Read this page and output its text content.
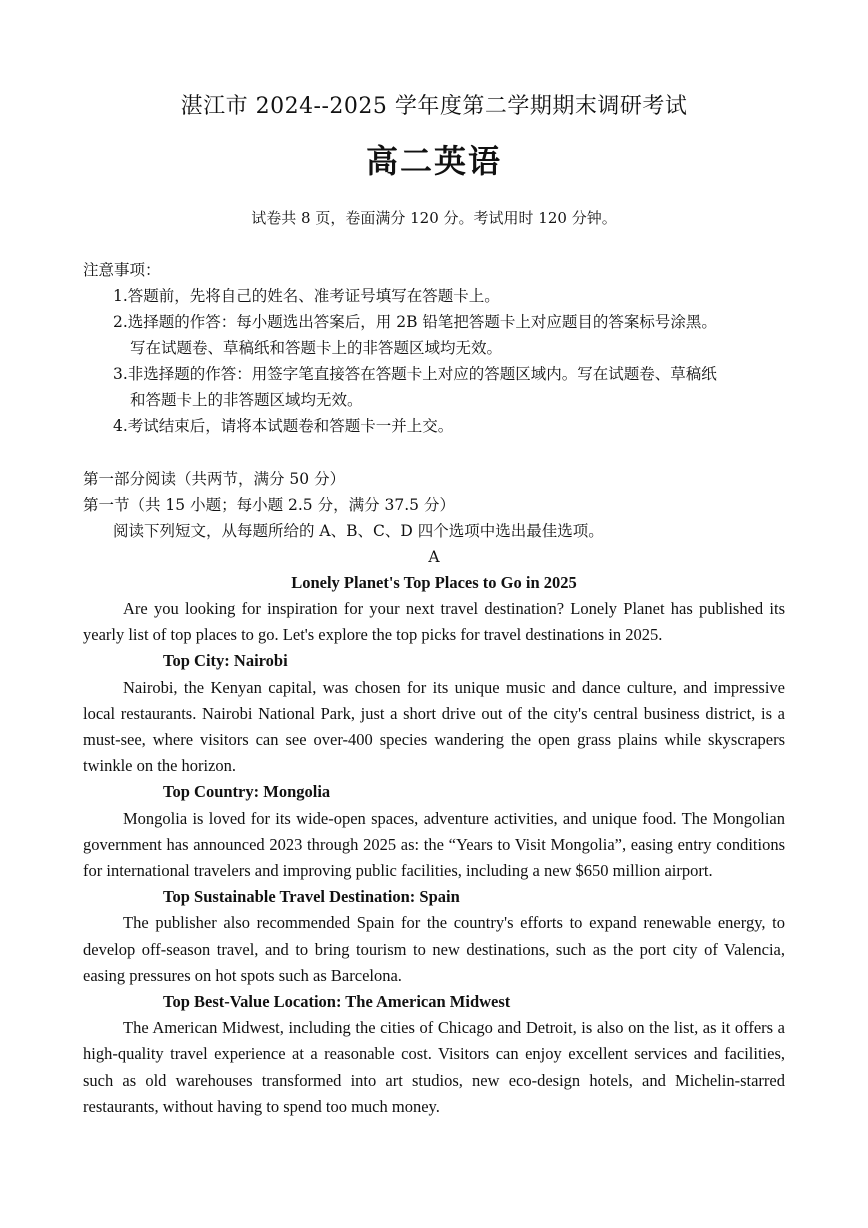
湛江市 2024--2025 学年度第二学期期末调研考试
高二英语
试卷共 8 页，卷面满分 120 分。考试用时 120 分钟。
注意事项：
1.答题前，先将自己的姓名、准考证号填写在答题卡上。
2.选择题的作答：每小题选出答案后，用 2B 铅笔把答题卡上对应题目的答案标号涂黑。
写在试题卷、草稿纸和答题卡上的非答题区域均无效。
3.非选择题的作答：用签字笔直接答在答题卡上对应的答题区域内。写在试题卷、草稿纸
和答题卡上的非答题区域均无效。
4.考试结束后，请将本试题卷和答题卡一并上交。
第一部分阅读（共两节，满分 50 分）
第一节（共 15 小题；每小题 2.5 分，满分 37.5 分）
阅读下列短文，从每题所给的 A、B、C、D 四个选项中选出最佳选项。
A
Lonely Planet's Top Places to Go in 2025

Are you looking for inspiration for your next travel destination? Lonely Planet has published its yearly list of top places to go. Let's explore the top picks for travel destinations in 2025.

Top City: Nairobi

Nairobi, the Kenyan capital, was chosen for its unique music and dance culture, and impressive local restaurants. Nairobi National Park, just a short drive out of the city's central business district, is a must-see, where visitors can see over-400 species wandering the open grass plains while skyscrapers twinkle on the horizon.

Top Country: Mongolia

Mongolia is loved for its wide-open spaces, adventure activities, and unique food. The Mongolian government has announced 2023 through 2025 as: the “Years to Visit Mongolia”, easing entry conditions for international travelers and improving public facilities, including a new $650 million airport.

Top Sustainable Travel Destination: Spain

The publisher also recommended Spain for the country's efforts to expand renewable energy, to develop off-season travel, and to bring tourism to new destinations, such as the port city of Valencia, easing pressures on hot spots such as Barcelona.

Top Best-Value Location: The American Midwest

The American Midwest, including the cities of Chicago and Detroit, is also on the list, as it offers a high-quality travel experience at a reasonable cost. Visitors can enjoy excellent services and facilities, such as old warehouses transformed into art studios, new eco-design hotels, and Michelin-starred restaurants, without having to spend too much money.
